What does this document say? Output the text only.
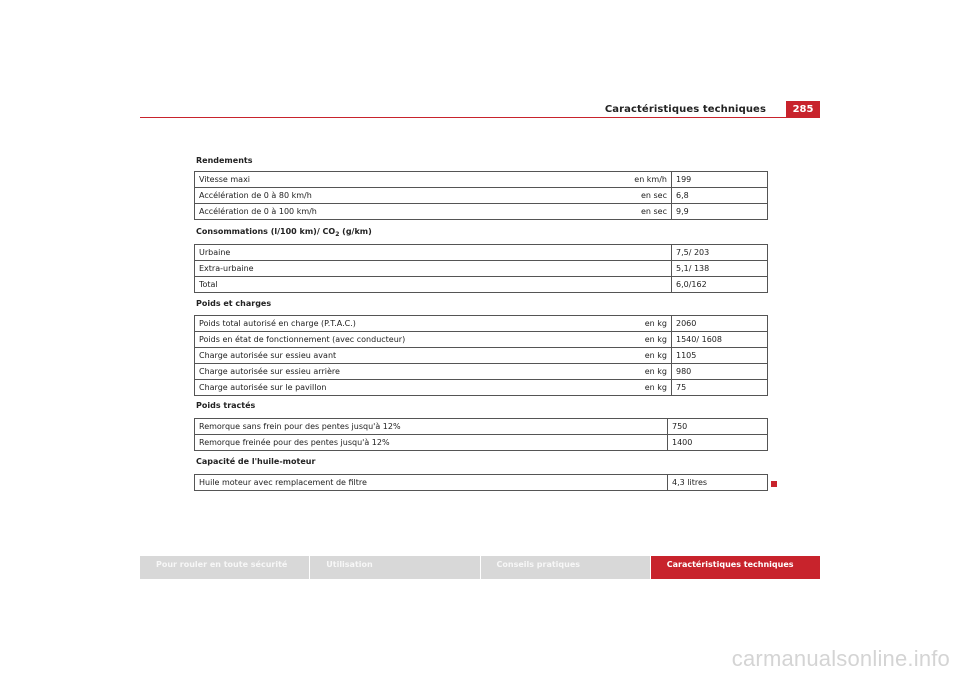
Caractéristiques techniques	285
Rendements
Vitesse maxi	en km/h	199
Accélération de 0 à 80 km/h	en sec	6,8
Accélération de 0 à 100 km/h	en sec	9,9
Consommations (l/100 km)/ $CO_2$ (g/km)
Urbaine		7,5/ 203
Extra-urbaine		5,1/ 138
Total		6,0/162
Poids et charges
Poids total autorisé en charge (P.T.A.C.)	en kg	2060
Poids en état de fonctionnement (avec conducteur)	en kg	1540/ 1608
Charge autorisée sur essieu avant	en kg	1105
Charge autorisée sur essieu arrière	en kg	980
Charge autorisée sur le pavillon	en kg	75
Poids tractés
Remorque sans frein pour des pentes jusqu'à 12%	750
Remorque freinée pour des pentes jusqu'à 12%	1400
Capacité de l'huile-moteur
Huile moteur avec remplacement de filtre	4,3 litres
Pour rouler en toute sécurité	Utilisation	Conseils pratiques	Caractéristiques techniques
carmanualsonline.info
